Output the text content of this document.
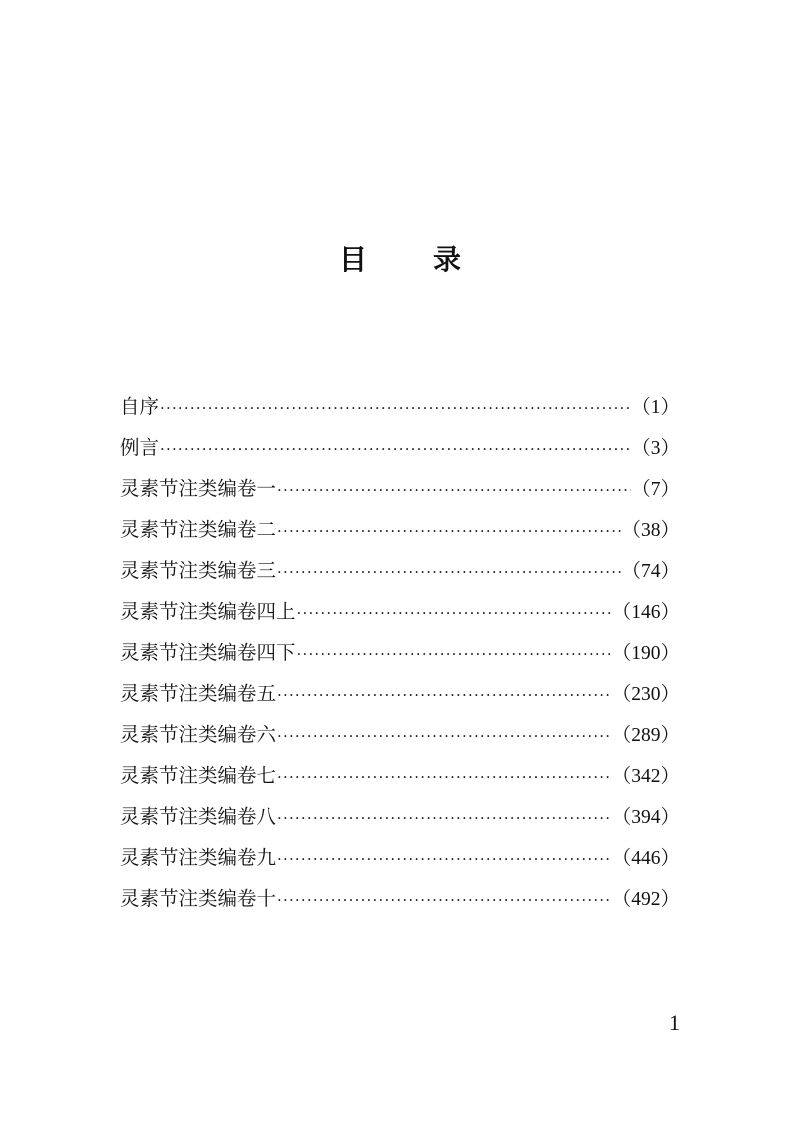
目录
自序 ·····	（1）
例言 ·····	（3）
灵素节注类编卷一 ·····	（7）
灵素节注类编卷二 ·····	（38）
灵素节注类编卷三 ·····	（74）
灵素节注类编卷四上 ·····	（146）
灵素节注类编卷四下 ·····	（190）
灵素节注类编卷五 ·····	（230）
灵素节注类编卷六 ·····	（289）
灵素节注类编卷七 ·····	（342）
灵素节注类编卷八 ·····	（394）
灵素节注类编卷九 ·····	（446）
灵素节注类编卷十 ·····	（492）
1
